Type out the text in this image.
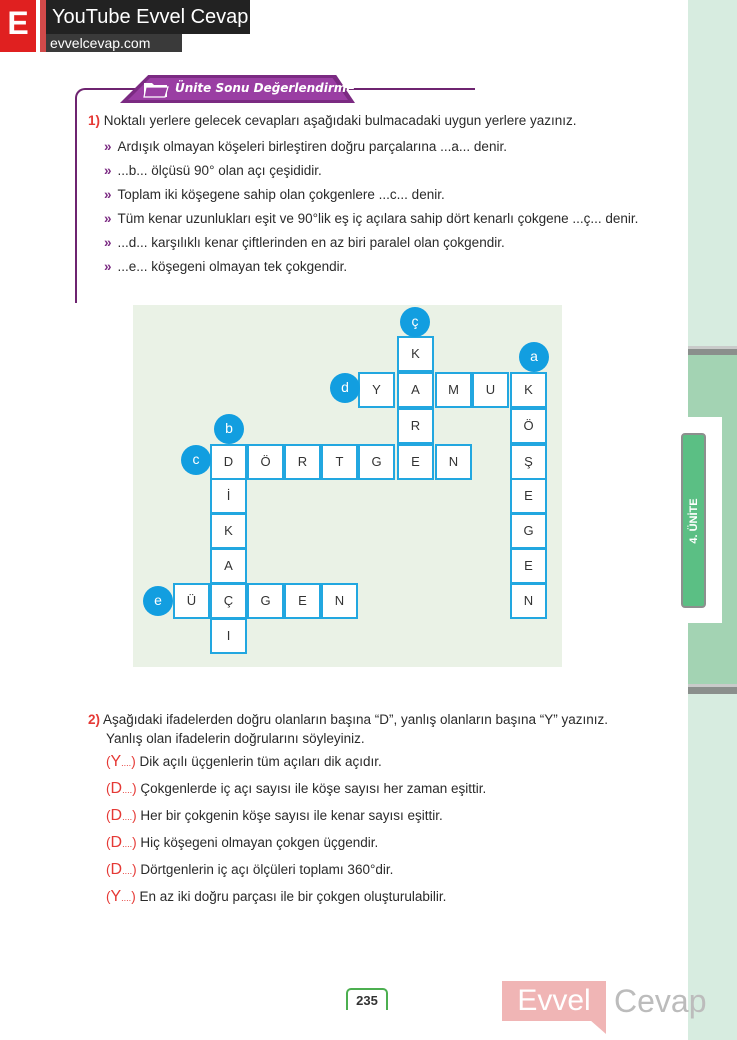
4. ÜNİTE
E	YouTube Evvel Cevap
evvelcevap.com
Ünite Sonu Değerlendirme
1) Noktalı yerlere gelecek cevapları aşağıdaki bulmacadaki uygun yerlere yazınız.
» Ardışık olmayan köşeleri birleştiren doğru parçalarına ...a... denir.
» ...b... ölçüsü 90° olan açı çeşididir.
» Toplam iki köşegene sahip olan çokgenlere ...c... denir.
» Tüm kenar uzunlukları eşit ve 90°lik eş iç açılara sahip dört kenarlı çokgene ...ç... denir.
» ...d... karşılıklı kenar çiftlerinden en az biri paralel olan çokgendir.
» ...e... köşegeni olmayan tek çokgendir.
K
Ö
Ş
E
G
E
N
D
İ
K
A
Ç
I
Ö	R	T	G	E	N
K
A
R
Y	M	U
Ü	G	E	N
a
b
c
ç
d
e
2) Aşağıdaki ifadelerden doğru olanların başına “D”, yanlış olanların başına “Y” yazınız.
Yanlış olan ifadelerin doğrularını söyleyiniz.
(Y....) Dik açılı üçgenlerin tüm açıları dik açıdır.
(D....) Çokgenlerde iç açı sayısı ile köşe sayısı her zaman eşittir.
(D....) Her bir çokgenin köşe sayısı ile kenar sayısı eşittir.
(D....) Hiç köşegeni olmayan çokgen üçgendir.
(D....) Dörtgenlerin iç açı ölçüleri toplamı 360°dir.
(Y....) En az iki doğru parçası ile bir çokgen oluşturulabilir.
235	Evvel Cevap
